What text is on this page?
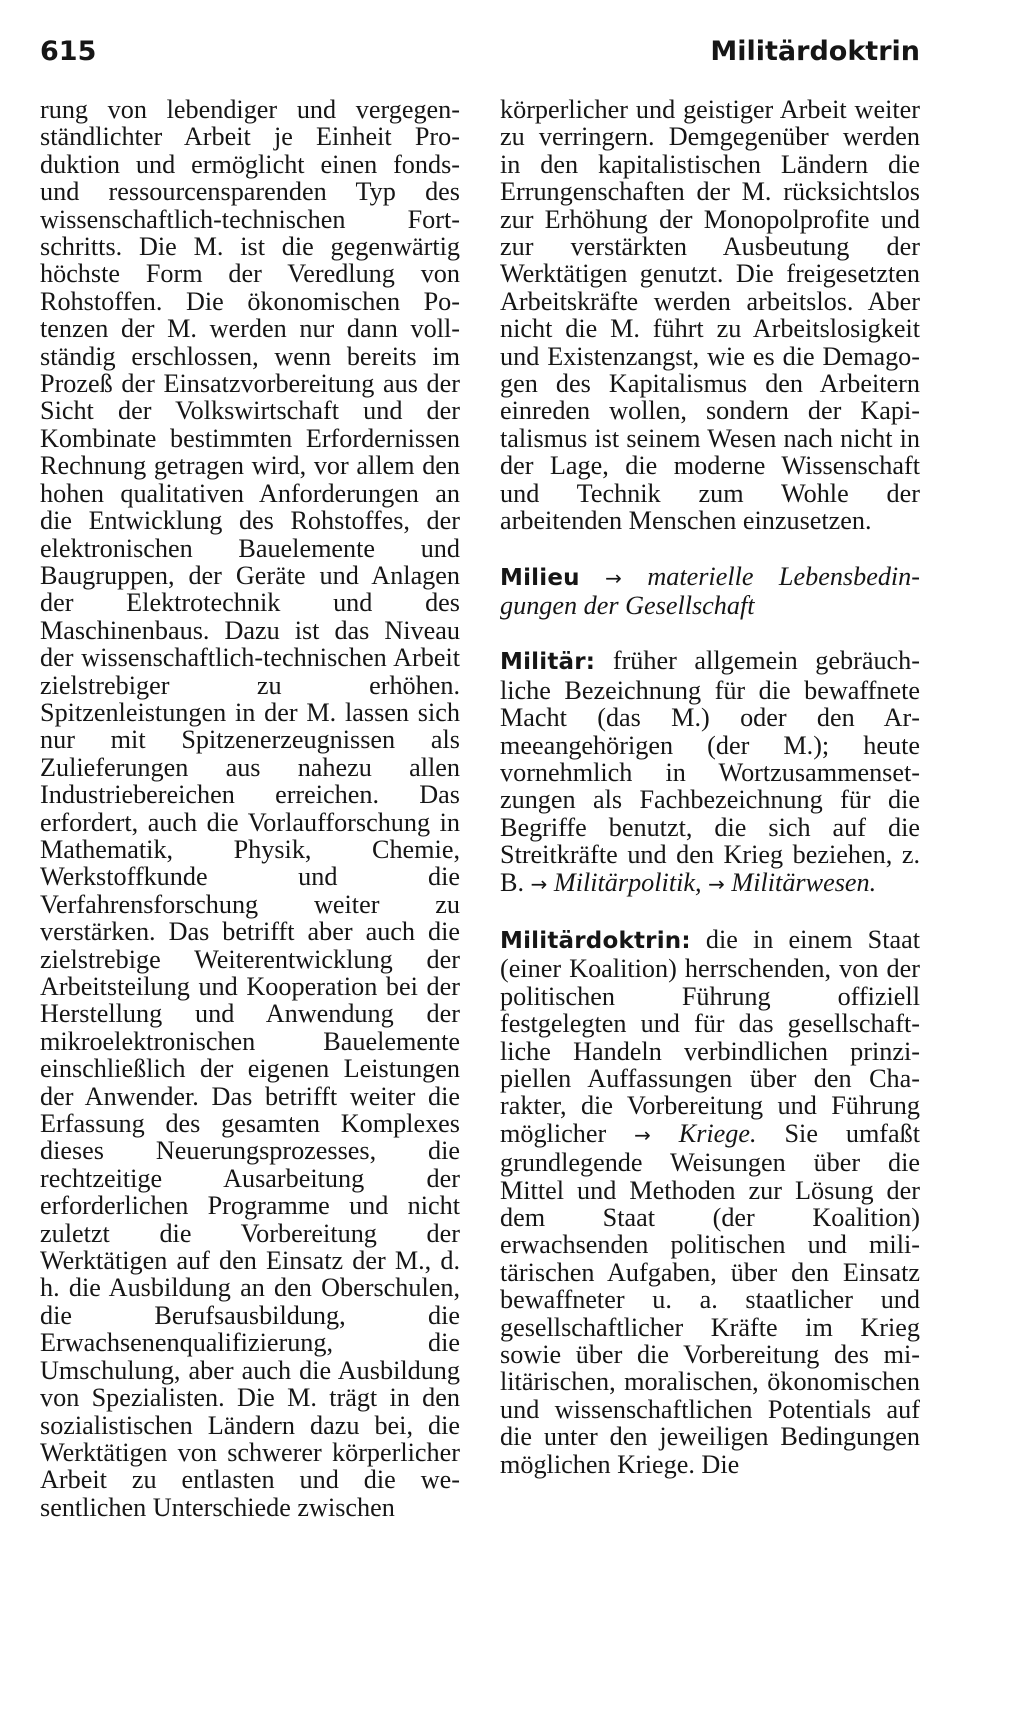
615	Militärdoktrin

rung von lebendiger und vergegenständlichter Arbeit je Einheit Produktion und ermöglicht einen fonds- und ressourcensparenden Typ des wissenschaftlich-technischen Fortschritts. Die M. ist die gegenwärtig höchste Form der Veredlung von Rohstoffen. Die ökonomischen Potenzen der M. werden nur dann vollständig erschlossen, wenn bereits im Prozeß der Einsatzvorbereitung aus der Sicht der Volkswirtschaft und der Kombinate bestimmten Erfordernissen Rechnung getragen wird, vor allem den hohen qualitativen Anforderungen an die Entwicklung des Rohstoffes, der elektronischen Bauelemente und Baugruppen, der Geräte und Anlagen der Elektrotechnik und des Maschinenbaus. Dazu ist das Niveau der wissenschaftlich-technischen Arbeit zielstrebiger zu erhöhen. Spitzenleistungen in der M. lassen sich nur mit Spitzenerzeugnissen als Zulieferungen aus nahezu allen Industriebereichen erreichen. Das erfordert, auch die Vorlaufforschung in Mathematik, Physik, Chemie, Werkstoffkunde und die Verfahrensforschung weiter zu verstärken. Das betrifft aber auch die zielstrebige Weiterentwicklung der Arbeitsteilung und Kooperation bei der Herstellung und Anwendung der mikroelektronischen Bauelemente einschließlich der eigenen Leistungen der Anwender. Das betrifft weiter die Erfassung des gesamten Komplexes dieses Neuerungsprozesses, die rechtzeitige Ausarbeitung der erforderlichen Programme und nicht zuletzt die Vorbereitung der Werktätigen auf den Einsatz der M., d. h. die Ausbildung an den Oberschulen, die Berufsausbildung, die Erwachsenenqualifizierung, die Umschulung, aber auch die Ausbildung von Spezialisten. Die M. trägt in den sozialistischen Ländern dazu bei, die Werktätigen von schwerer körperlicher Arbeit zu entlasten und die wesentlichen Unterschiede zwischen

körperlicher und geistiger Arbeit weiter zu verringern. Demgegenüber werden in den kapitalistischen Ländern die Errungenschaften der M. rücksichtslos zur Erhöhung der Monopolprofite und zur verstärkten Ausbeutung der Werktätigen genutzt. Die freigesetzten Arbeitskräfte werden arbeitslos. Aber nicht die M. führt zu Arbeitslosigkeit und Existenzangst, wie es die Demagogen des Kapitalismus den Arbeitern einreden wollen, sondern der Kapitalismus ist seinem Wesen nach nicht in der Lage, die moderne Wissenschaft und Technik zum Wohle der arbeitenden Menschen einzusetzen.

Milieu → materielle Lebensbedingungen der Gesellschaft

Militär: früher allgemein gebräuchliche Bezeichnung für die bewaffnete Macht (das M.) oder den Armeeangehörigen (der M.); heute vornehmlich in Wortzusammensetzungen als Fachbezeichnung für die Begriffe benutzt, die sich auf die Streitkräfte und den Krieg beziehen, z. B. → Militärpolitik, → Militärwesen.

Militärdoktrin: die in einem Staat (einer Koalition) herrschenden, von der politischen Führung offiziell festgelegten und für das gesellschaftliche Handeln verbindlichen prinzipiellen Auffassungen über den Charakter, die Vorbereitung und Führung möglicher → Kriege. Sie umfaßt grundlegende Weisungen über die Mittel und Methoden zur Lösung der dem Staat (der Koalition) erwachsenden politischen und militärischen Aufgaben, über den Einsatz bewaffneter u. a. staatlicher und gesellschaftlicher Kräfte im Krieg sowie über die Vorbereitung des militärischen, moralischen, ökonomischen und wissenschaftlichen Potentials auf die unter den jeweiligen Bedingungen möglichen Kriege. Die
